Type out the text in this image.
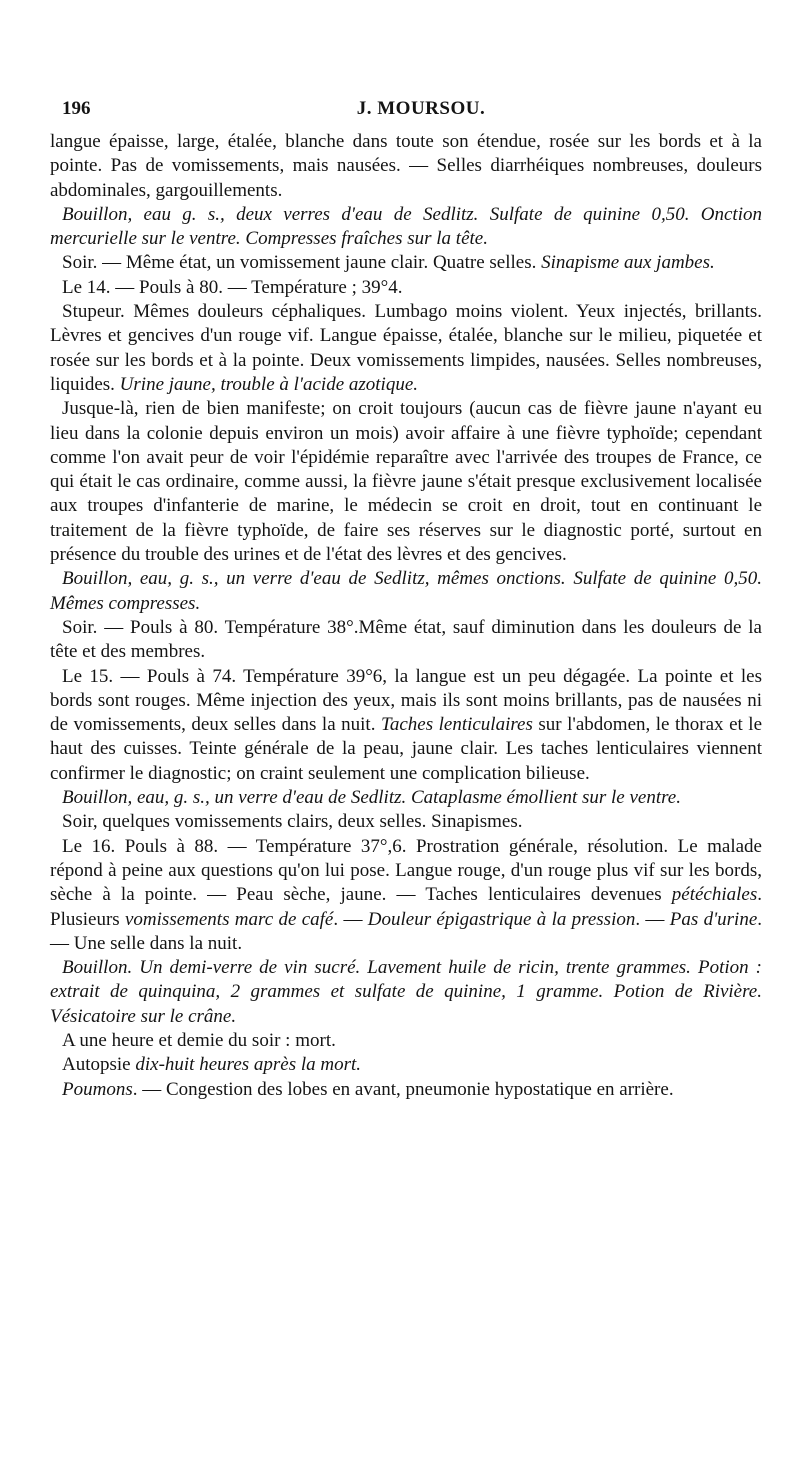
196	J. MOURSOU.

langue épaisse, large, étalée, blanche dans toute son étendue, rosée sur les bords et à la pointe. Pas de vomissements, mais nausées. — Selles diarrhéiques nombreuses, douleurs abdominales, gargouillements.

Bouillon, eau g. s., deux verres d'eau de Sedlitz. Sulfate de quinine 0,50. Onction mercurielle sur le ventre. Compresses fraîches sur la tête.

Soir. — Même état, un vomissement jaune clair. Quatre selles. Sinapisme aux jambes.

Le 14. — Pouls à 80. — Température ; 39°4.

Stupeur. Mêmes douleurs céphaliques. Lumbago moins violent. Yeux injectés, brillants. Lèvres et gencives d'un rouge vif. Langue épaisse, étalée, blanche sur le milieu, piquetée et rosée sur les bords et à la pointe. Deux vomissements limpides, nausées. Selles nombreuses, liquides. Urine jaune, trouble à l'acide azotique.

Jusque-là, rien de bien manifeste; on croit toujours (aucun cas de fièvre jaune n'ayant eu lieu dans la colonie depuis environ un mois) avoir affaire à une fièvre typhoïde; cependant comme l'on avait peur de voir l'épidémie reparaître avec l'arrivée des troupes de France, ce qui était le cas ordinaire, comme aussi, la fièvre jaune s'était presque exclusivement localisée aux troupes d'infanterie de marine, le médecin se croit en droit, tout en continuant le traitement de la fièvre typhoïde, de faire ses réserves sur le diagnostic porté, surtout en présence du trouble des urines et de l'état des lèvres et des gencives.

Bouillon, eau, g. s., un verre d'eau de Sedlitz, mêmes onctions. Sulfate de quinine 0,50. Mêmes compresses.

Soir. — Pouls à 80. Température 38°.Même état, sauf diminution dans les douleurs de la tête et des membres.

Le 15. — Pouls à 74. Température 39°6, la langue est un peu dégagée. La pointe et les bords sont rouges. Même injection des yeux, mais ils sont moins brillants, pas de nausées ni de vomissements, deux selles dans la nuit. Taches lenticulaires sur l'abdomen, le thorax et le haut des cuisses. Teinte générale de la peau, jaune clair. Les taches lenticulaires viennent confirmer le diagnostic; on craint seulement une complication bilieuse.

Bouillon, eau, g. s., un verre d'eau de Sedlitz. Cataplasme émollient sur le ventre.

Soir, quelques vomissements clairs, deux selles. Sinapismes.

Le 16. Pouls à 88. — Température 37°,6. Prostration générale, résolution. Le malade répond à peine aux questions qu'on lui pose. Langue rouge, d'un rouge plus vif sur les bords, sèche à la pointe. — Peau sèche, jaune. — Taches lenticulaires devenues pétéchiales. Plusieurs vomissements marc de café. — Douleur épigastrique à la pression. — Pas d'urine. — Une selle dans la nuit.

Bouillon. Un demi-verre de vin sucré. Lavement huile de ricin, trente grammes. Potion : extrait de quinquina, 2 grammes et sulfate de quinine, 1 gramme. Potion de Rivière. Vésicatoire sur le crâne.

A une heure et demie du soir : mort.

Autopsie dix-huit heures après la mort.

Poumons. — Congestion des lobes en avant, pneumonie hypostatique en arrière.
